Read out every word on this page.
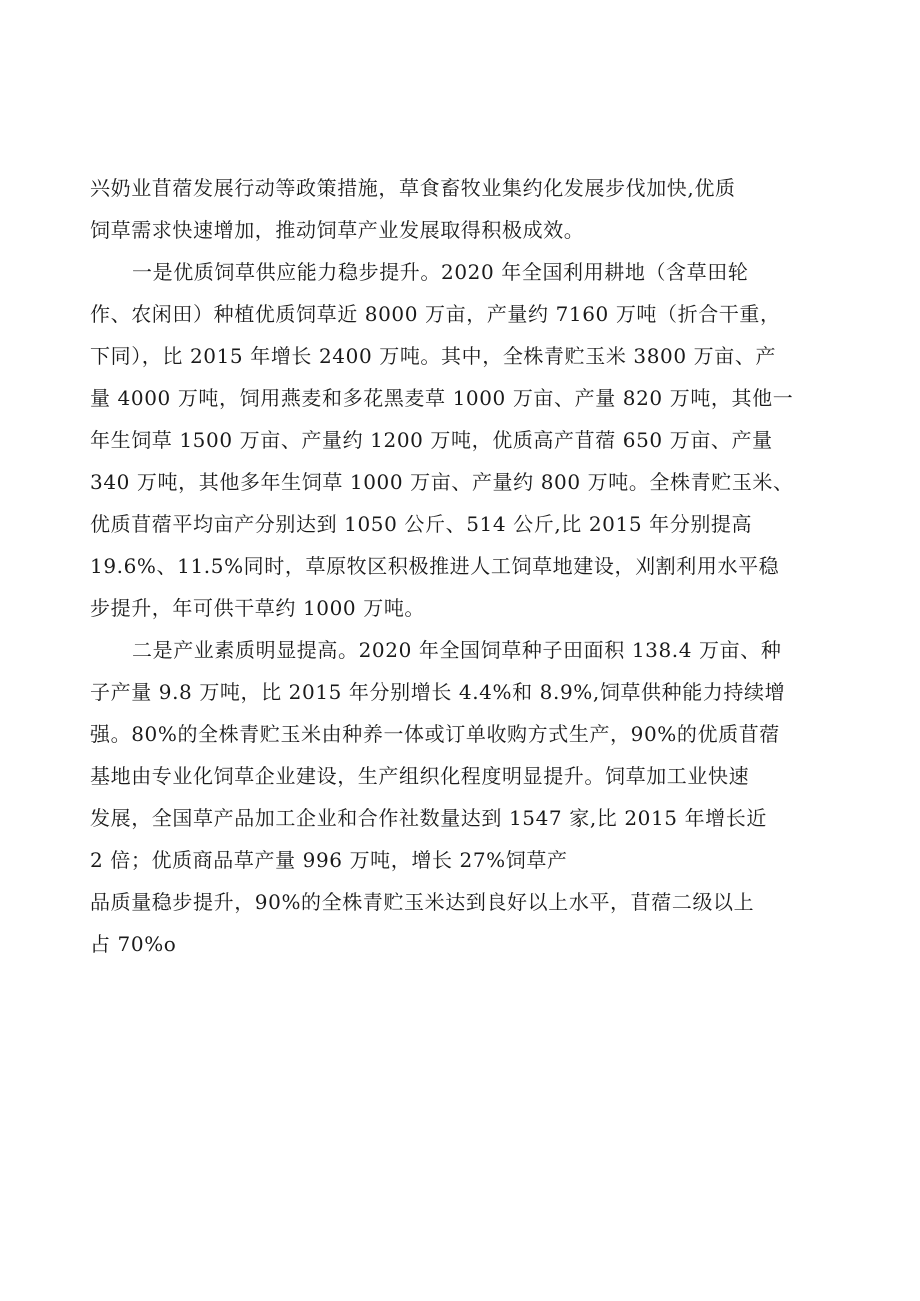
兴奶业苜蓿发展行动等政策措施，草食畜牧业集约化发展步伐加快,优质
饲草需求快速增加，推动饲草产业发展取得积极成效。
一是优质饲草供应能力稳步提升。2020 年全国利用耕地（含草田轮
作、农闲田）种植优质饲草近 8000 万亩，产量约 7160 万吨（折合干重，
下同），比 2015 年增长 2400 万吨。其中，全株青贮玉米 3800 万亩、产
量 4000 万吨，饲用燕麦和多花黑麦草 1000 万亩、产量 820 万吨，其他一
年生饲草 1500 万亩、产量约 1200 万吨，优质高产苜蓿 650 万亩、产量
340 万吨，其他多年生饲草 1000 万亩、产量约 800 万吨。全株青贮玉米、
优质苜蓿平均亩产分别达到 1050 公斤、514 公斤,比 2015 年分别提高
19.6%、11.5%同时，草原牧区积极推进人工饲草地建设，刈割利用水平稳
步提升，年可供干草约 1000 万吨。
二是产业素质明显提高。2020 年全国饲草种子田面积 138.4 万亩、种
子产量 9.8 万吨，比 2015 年分别增长 4.4%和 8.9%,饲草供种能力持续增
强。80%的全株青贮玉米由种养一体或订单收购方式生产，90%的优质苜蓿
基地由专业化饲草企业建设，生产组织化程度明显提升。饲草加工业快速
发展，全国草产品加工企业和合作社数量达到 1547 家,比 2015 年增长近
2 倍；优质商品草产量 996 万吨，增长 27%饲草产
品质量稳步提升，90%的全株青贮玉米达到良好以上水平，苜蓿二级以上
占 70%o
